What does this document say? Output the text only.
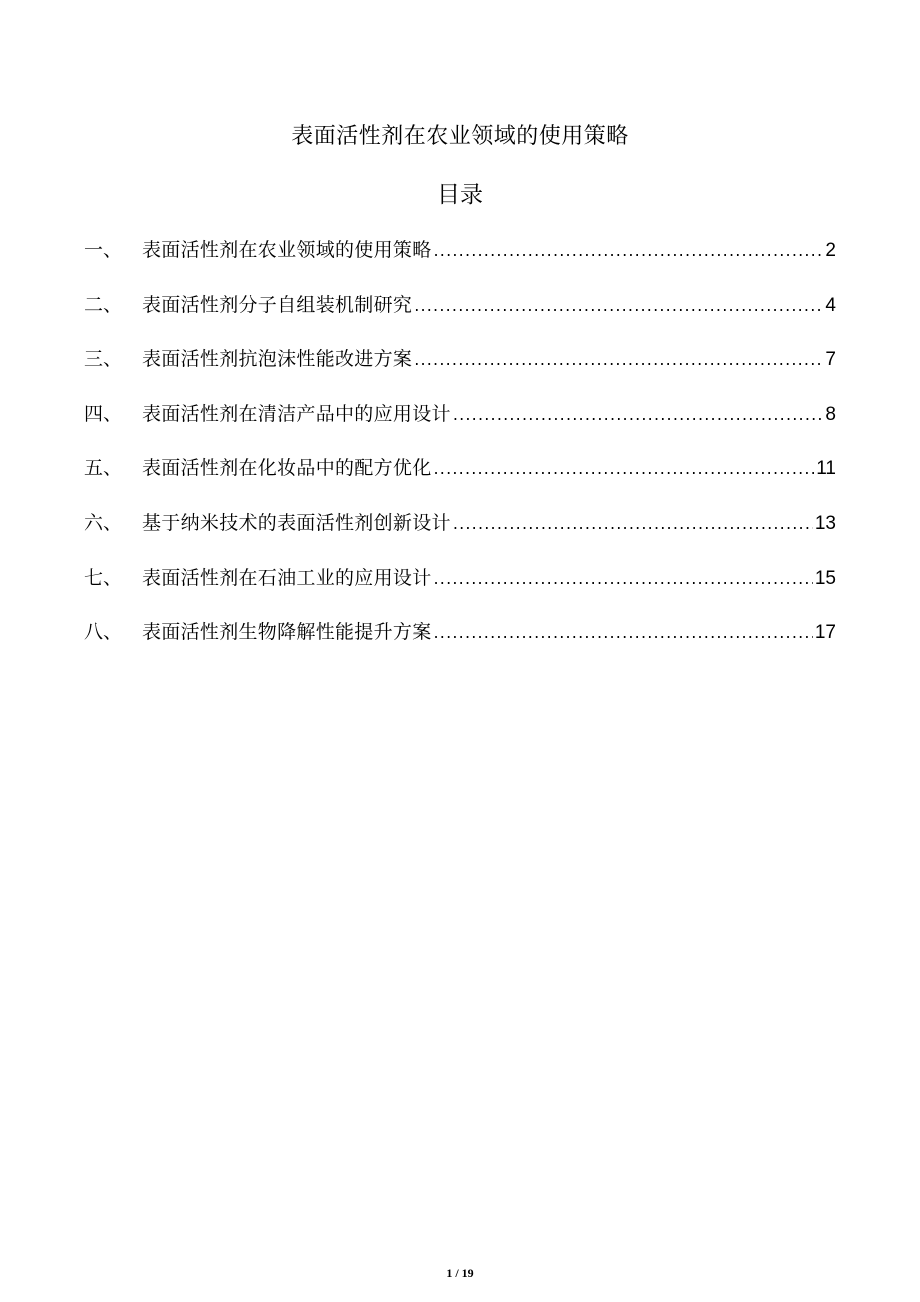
表面活性剂在农业领域的使用策略
目录
一、	表面活性剂在农业领域的使用策略 .....	2
二、	表面活性剂分子自组装机制研究 .....	4
三、	表面活性剂抗泡沫性能改进方案 .....	7
四、	表面活性剂在清洁产品中的应用设计 .....	8
五、	表面活性剂在化妆品中的配方优化 .....	11
六、	基于纳米技术的表面活性剂创新设计 .....	13
七、	表面活性剂在石油工业的应用设计 .....	15
八、	表面活性剂生物降解性能提升方案 .....	17
1 / 19
